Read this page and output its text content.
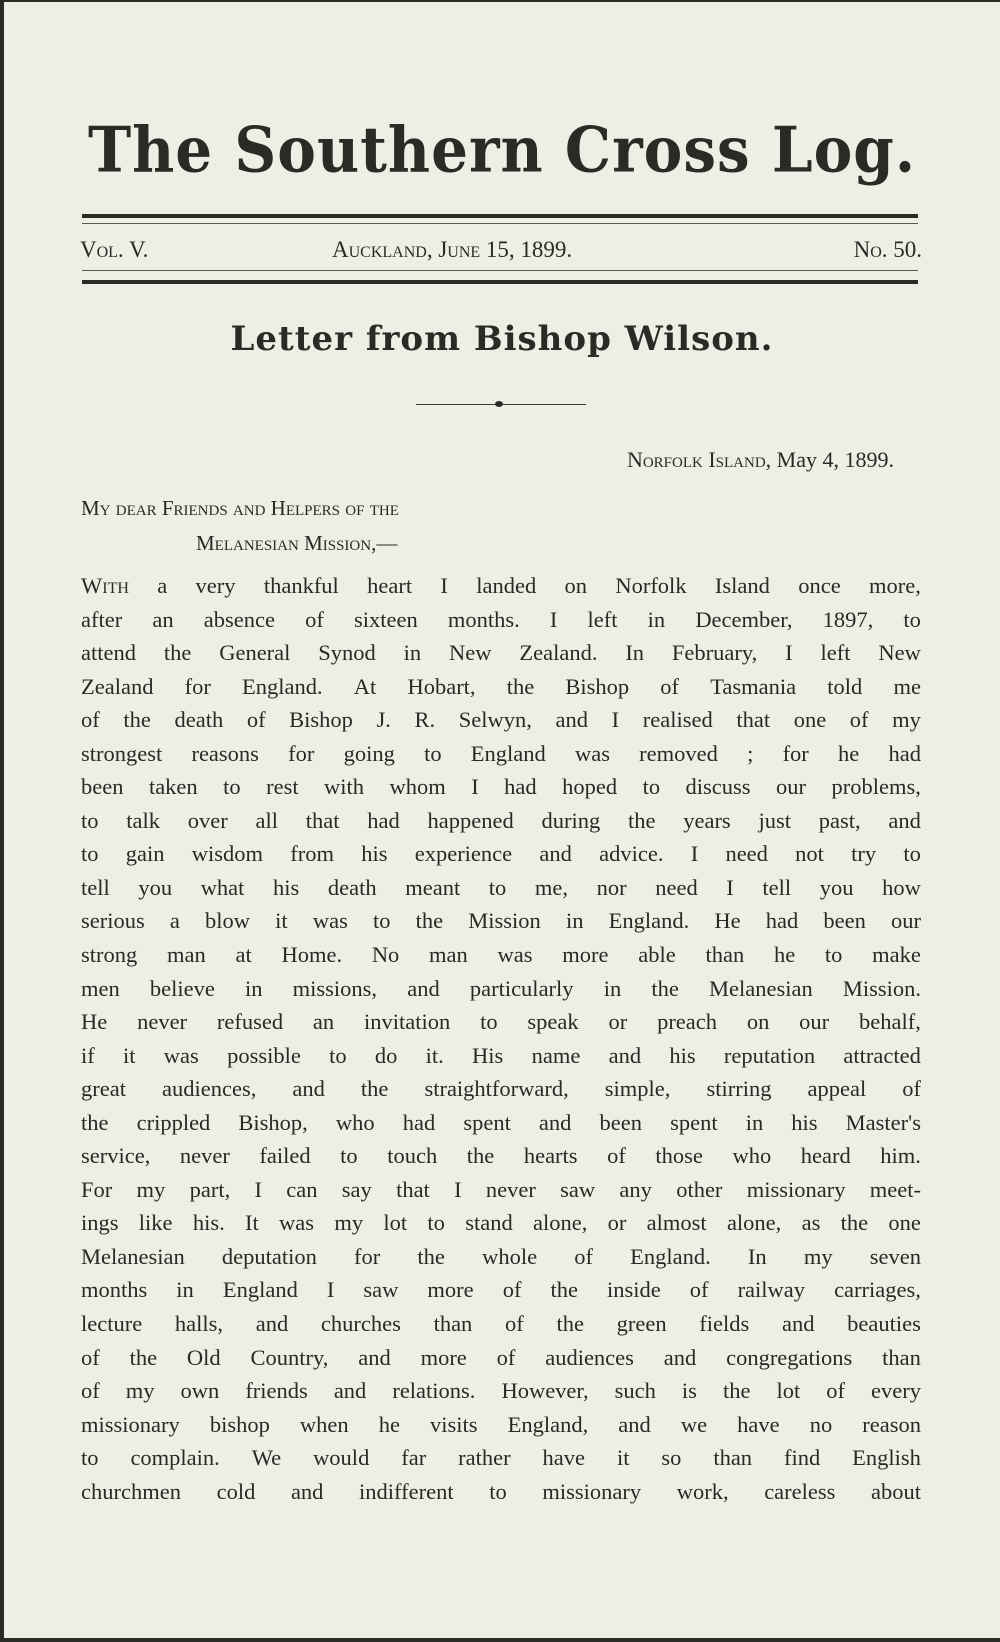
The Southern Cross Log.
Vol. V.	Auckland, June 15, 1899.	No. 50.
Letter from Bishop Wilson.
Norfolk Island, May 4, 1899.
My dear Friends and Helpers of the
Melanesian Mission,—
With a very thankful heart I landed on Norfolk Island once more,
after an absence of sixteen months. I left in December, 1897, to
attend the General Synod in New Zealand. In February, I left New
Zealand for England. At Hobart, the Bishop of Tasmania told me
of the death of Bishop J. R. Selwyn, and I realised that one of my
strongest reasons for going to England was removed ; for he had
been taken to rest with whom I had hoped to discuss our problems,
to talk over all that had happened during the years just past, and
to gain wisdom from his experience and advice. I need not try to
tell you what his death meant to me, nor need I tell you how
serious a blow it was to the Mission in England. He had been our
strong man at Home. No man was more able than he to make
men believe in missions, and particularly in the Melanesian Mission.
He never refused an invitation to speak or preach on our behalf,
if it was possible to do it. His name and his reputation attracted
great audiences, and the straightforward, simple, stirring appeal of
the crippled Bishop, who had spent and been spent in his Master's
service, never failed to touch the hearts of those who heard him.
For my part, I can say that I never saw any other missionary meet-
ings like his. It was my lot to stand alone, or almost alone, as the one
Melanesian deputation for the whole of England. In my seven
months in England I saw more of the inside of railway carriages,
lecture halls, and churches than of the green fields and beauties
of the Old Country, and more of audiences and congregations than
of my own friends and relations. However, such is the lot of every
missionary bishop when he visits England, and we have no reason
to complain. We would far rather have it so than find English
churchmen cold and indifferent to missionary work, careless about
